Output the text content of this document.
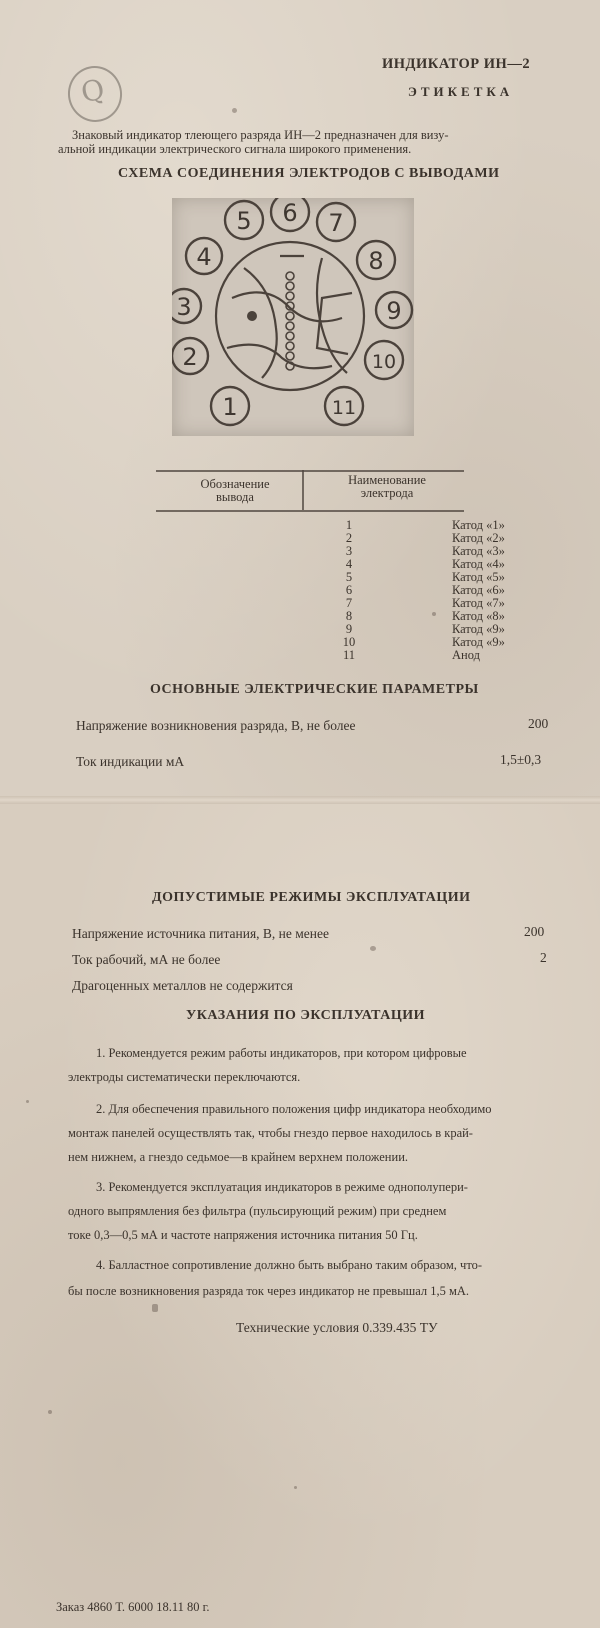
Q
ИНДИКАТОР ИН—2
ЭТИКЕТКА
Знаковый индикатор тлеющего разряда ИН—2 предназначен для визу-
альной индикации электрического сигнала широкого применения.
СХЕМА СОЕДИНЕНИЯ ЭЛЕКТРОДОВ С ВЫВОДАМИ
1
2
3
4
5 6 7
8
9
10
11
Обозначение
вывода
Наименование
электрода
1	Катод «1»
2	Катод «2»
3	Катод «3»
4	Катод «4»
5	Катод «5»
6	Катод «6»
7	Катод «7»
8	Катод «8»
9	Катод «9»
10	Катод «9»
11	Анод
ОСНОВНЫЕ ЭЛЕКТРИЧЕСКИЕ ПАРАМЕТРЫ
Напряжение возникновения разряда, В, не более	200
Ток индикации мА	1,5±0,3
ДОПУСТИМЫЕ РЕЖИМЫ ЭКСПЛУАТАЦИИ
Напряжение источника питания, В, не менее	200
Ток рабочий, мА не более	2
Драгоценных металлов не содержится
УКАЗАНИЯ ПО ЭКСПЛУАТАЦИИ
1. Рекомендуется режим работы индикаторов, при котором цифровые
электроды систематически переключаются.
2. Для обеспечения правильного положения цифр индикатора необходимо
монтаж панелей осуществлять так, чтобы гнездо первое находилось в край-
нем нижнем, а гнездо седьмое—в крайнем верхнем положении.
3. Рекомендуется эксплуатация индикаторов в режиме однополупери-
одного выпрямления без фильтра (пульсирующий режим) при среднем
токе 0,3—0,5 мА и частоте напряжения источника питания 50 Гц.
4. Балластное сопротивление должно быть выбрано таким образом, что-
бы после возникновения разряда ток через индикатор не превышал 1,5 мА.
Технические условия 0.339.435 ТУ
Заказ 4860 Т. 6000 18.11 80 г.
